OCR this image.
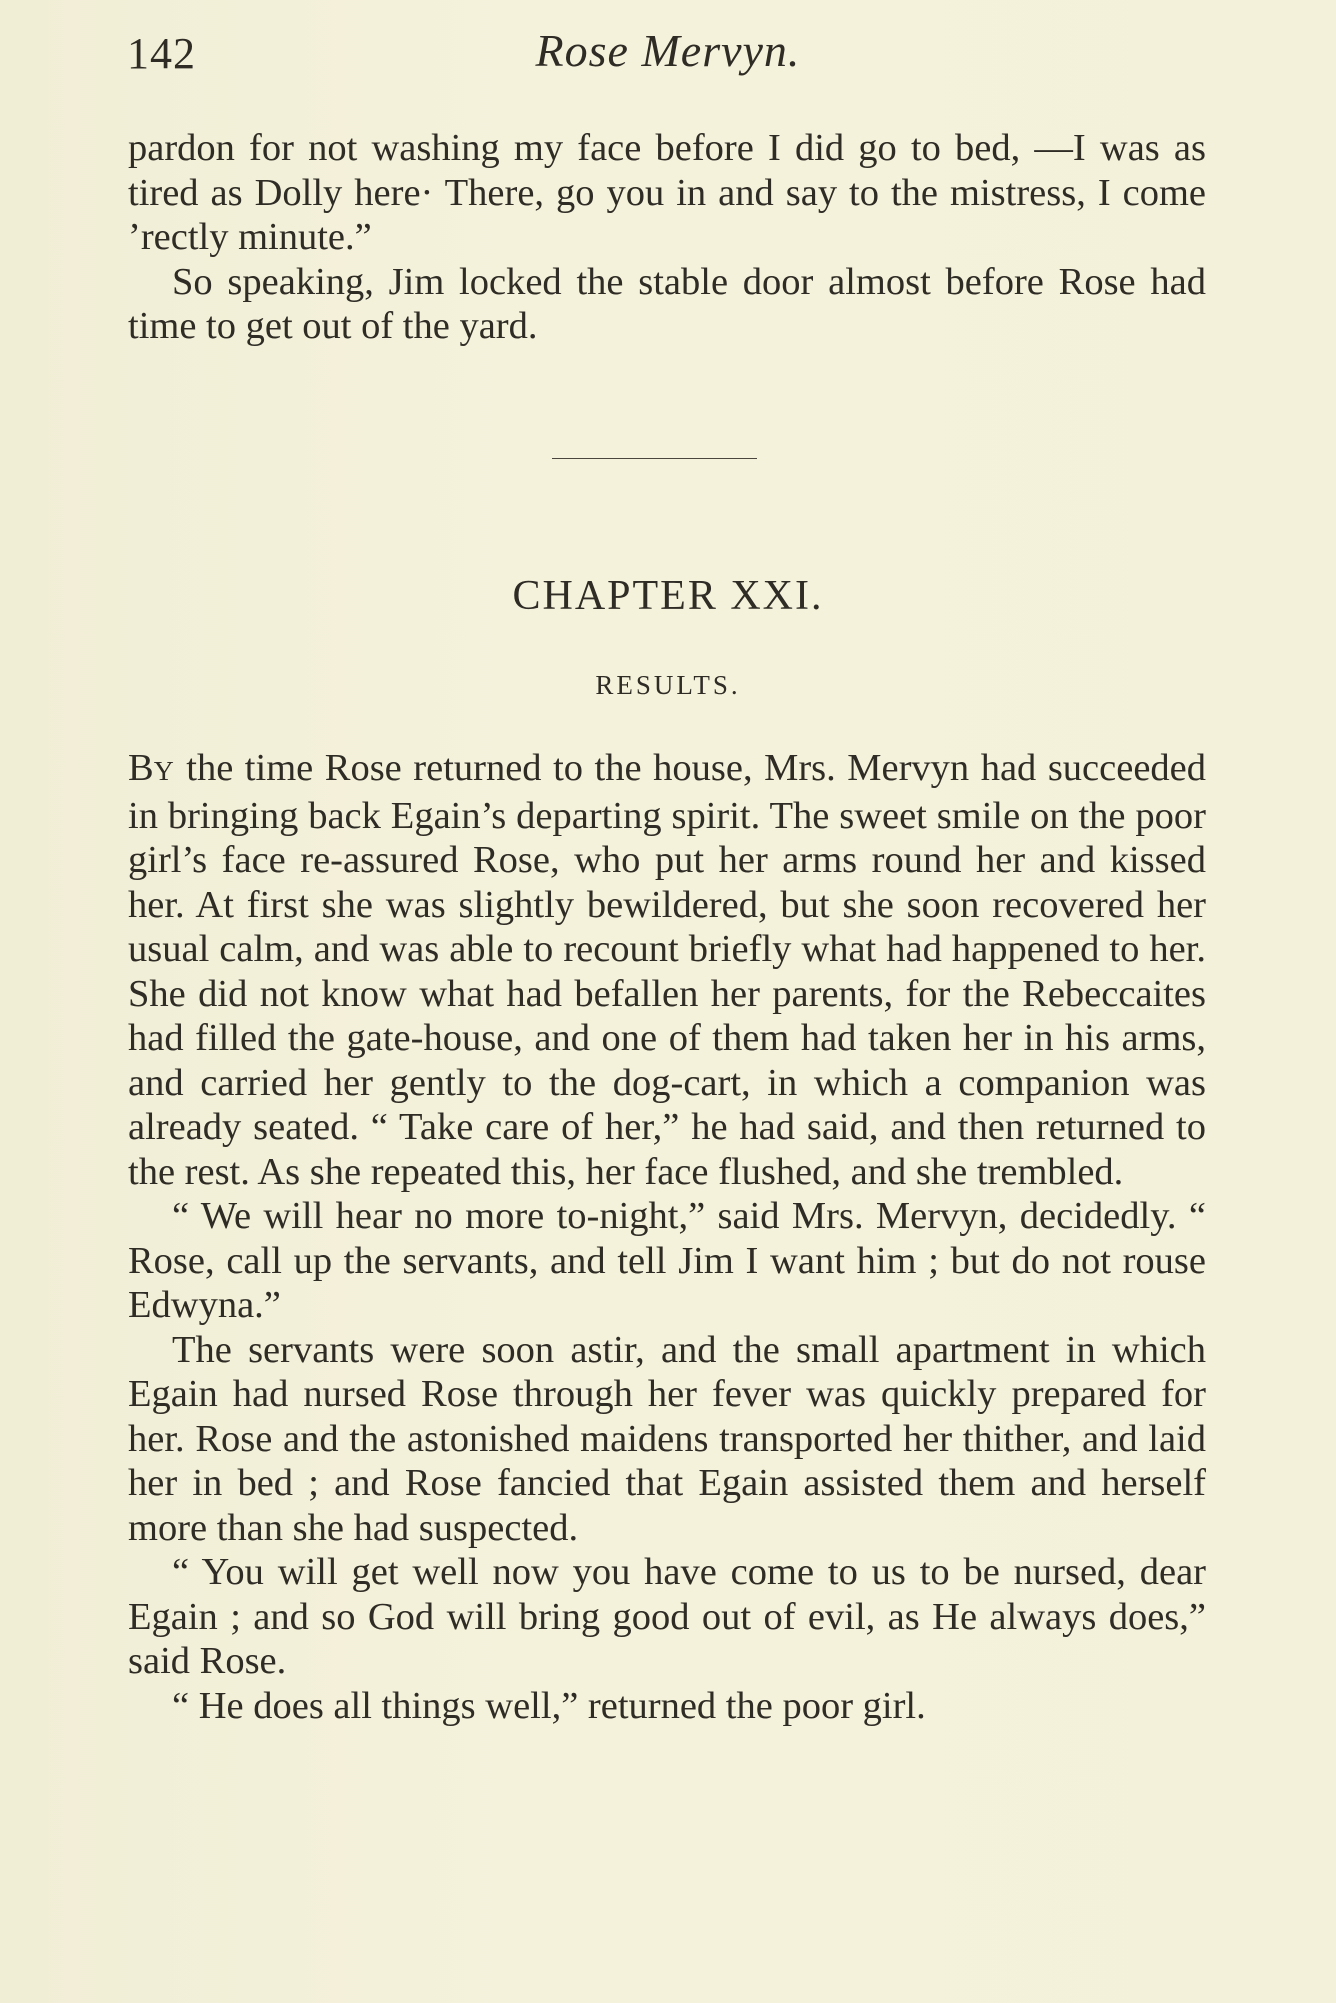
142	Rose Mervyn.

pardon for not washing my face before I did go to bed, —I was as tired as Dolly here· There, go you in and say to the mistress, I come ’rectly minute.”

So speaking, Jim locked the stable door almost before Rose had time to get out of the yard.

CHAPTER XXI.
RESULTS.

BY the time Rose returned to the house, Mrs. Mervyn had succeeded in bringing back Egain’s departing spirit. The sweet smile on the poor girl’s face re-assured Rose, who put her arms round her and kissed her. At first she was slightly bewildered, but she soon recovered her usual calm, and was able to recount briefly what had happened to her. She did not know what had befallen her parents, for the Rebeccaites had filled the gate-house, and one of them had taken her in his arms, and carried her gently to the dog-cart, in which a companion was already seated. “ Take care of her,” he had said, and then returned to the rest. As she repeated this, her face flushed, and she trembled.

“ We will hear no more to-night,” said Mrs. Mervyn, decidedly. “ Rose, call up the servants, and tell Jim I want him ; but do not rouse Edwyna.”

The servants were soon astir, and the small apartment in which Egain had nursed Rose through her fever was quickly prepared for her. Rose and the astonished maidens transported her thither, and laid her in bed ; and Rose fancied that Egain assisted them and herself more than she had suspected.

“ You will get well now you have come to us to be nursed, dear Egain ; and so God will bring good out of evil, as He always does,” said Rose.

“ He does all things well,” returned the poor girl.
